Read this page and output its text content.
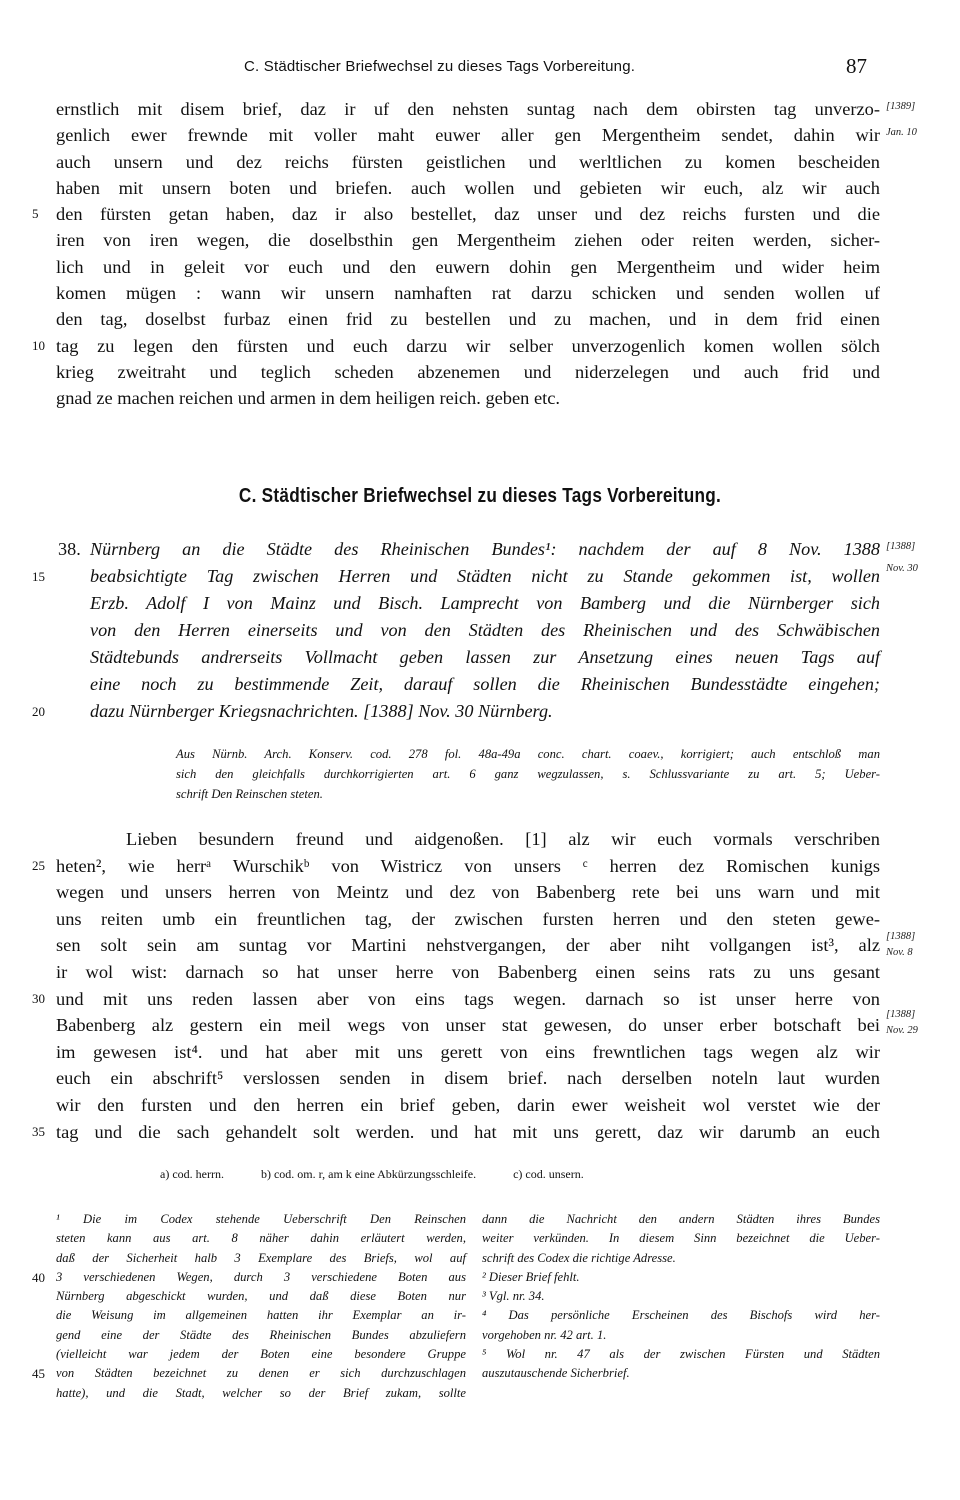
C. Städtischer Briefwechsel zu dieses Tags Vorbereitung.	87
ernstlich mit disem brief, daz ir uf den nehsten suntag nach dem obirsten tag unverzo-
genlich ewer frewnde mit voller maht euwer aller gen Mergentheim sendet, dahin wir
auch unsern und dez reichs fürsten geistlichen und werltlichen zu komen bescheiden
haben mit unsern boten und briefen. auch wollen und gebieten wir euch, alz wir auch
5 den fürsten getan haben, daz ir also bestellet, daz unser und dez reichs fursten und die
iren von iren wegen, die doselbsthin gen Mergentheim ziehen oder reiten werden, sicher-
lich und in geleit vor euch und den euwern dohin gen Mergentheim und wider heim
komen mügen : wann wir unsern namhaften rat darzu schicken und senden wollen uf
den tag, doselbst furbaz einen frid zu bestellen und zu machen, und in dem frid einen
10 tag zu legen den fürsten und euch darzu wir selber unverzogenlich komen wollen sölch
krieg zweitraht und teglich scheden abzenemen und niderzelegen und auch frid und
gnad ze machen reichen und armen in dem heiligen reich. geben etc.
[1389]
Jan. 10
C. Städtischer Briefwechsel zu dieses Tags Vorbereitung.
38. Nürnberg an die Städte des Rheinischen Bundes¹: nachdem der auf 8 Nov. 1388
15 beabsichtigte Tag zwischen Herren und Städten nicht zu Stande gekommen ist, wollen
Erzb. Adolf I von Mainz und Bisch. Lamprecht von Bamberg und die Nürnberger sich
von den Herren einerseits und von den Städten des Rheinischen und des Schwäbischen
Städtebunds andrerseits Vollmacht geben lassen zur Ansetzung eines neuen Tags auf
eine noch zu bestimmende Zeit, darauf sollen die Rheinischen Bundesstädte eingehen;
20 dazu Nürnberger Kriegsnachrichten. [1388] Nov. 30 Nürnberg.
[1388]
Nov. 30
Aus Nürnb. Arch. Konserv. cod. 278 fol. 48a-49a conc. chart. coaev., korrigiert; auch entschloß man
sich den gleichfalls durchkorrigierten art. 6 ganz wegzulassen, s. Schlussvariante zu art. 5; Ueber-
schrift Den Reinschen steten.
Lieben besundern freund und aidgenoßen. [1] alz wir euch vormals verschriben
25 heten², wie herrᵃ Wurschikᵇ von Wistricz von unsers ᶜ herren dez Romischen kunigs
wegen und unsers herren von Meintz und dez von Babenberg rete bei uns warn und mit
uns reiten umb ein freuntlichen tag, der zwischen fursten herren und den steten gewe-
sen solt sein am suntag vor Martini nehstvergangen, der aber niht vollgangen ist³, alz
ir wol wist: darnach so hat unser herre von Babenberg einen seins rats zu uns gesant
30 und mit uns reden lassen aber von eins tags wegen. darnach so ist unser herre von
Babenberg alz gestern ein meil wegs von unser stat gewesen, do unser erber botschaft bei
im gewesen ist⁴. und hat aber mit uns gerett von eins frewntlichen tags wegen alz wir
euch ein abschrift⁵ verslossen senden in disem brief. nach derselben noteln laut wurden
wir den fursten und den herren ein brief geben, darin ewer weisheit wol verstet wie der
35 tag und die sach gehandelt solt werden. und hat mit uns gerett, daz wir darumb an euch
[1388]
Nov. 8
[1388]
Nov. 29
a) cod. herrn.	b) cod. om. r, am k eine Abkürzungsschleife.	c) cod. unsern.
¹ Die im Codex stehende Ueberschrift Den Reinschen
steten kann aus art. 8 näher dahin erläutert werden,
daß der Sicherheit halb 3 Exemplare des Briefs, wol auf
40 3 verschiedenen Wegen, durch 3 verschiedene Boten aus
Nürnberg abgeschickt wurden, und daß diese Boten nur
die Weisung im allgemeinen hatten ihr Exemplar an ir-
gend eine der Städte des Rheinischen Bundes abzuliefern
(vielleicht war jedem der Boten eine besondere Gruppe
45 von Städten bezeichnet zu denen er sich durchzuschlagen
hatte), und die Stadt, welcher so der Brief zukam, sollte
dann die Nachricht den andern Städten ihres Bundes
weiter verkünden. In diesem Sinn bezeichnet die Ueber-
schrift des Codex die richtige Adresse.
² Dieser Brief fehlt.
³ Vgl. nr. 34.
⁴ Das persönliche Erscheinen des Bischofs wird her-
vorgehoben nr. 42 art. 1.
⁵ Wol nr. 47 als der zwischen Fürsten und Städten
auszutauschende Sicherbrief.
